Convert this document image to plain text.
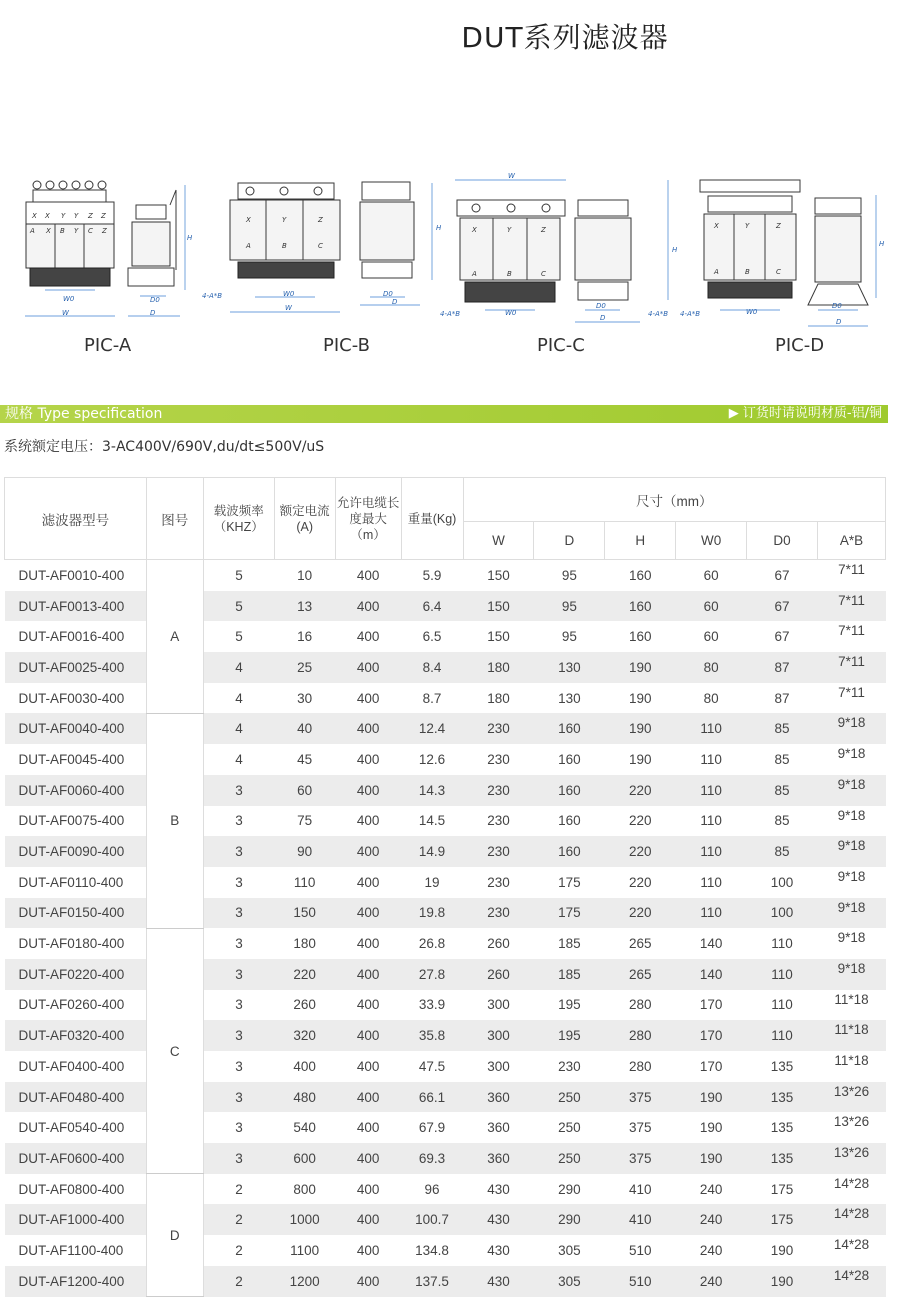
DUT系列滤波器
X X Y Y Z Z
A X B Y C Z
W0
W
H
D0
D
4-A*B
X	Y	Z
A	B	C
W0
W
H
D0
D
4-A*B
X	Y	Z
A	B	C
W
W0
H
D0
D	4-A*B
X	Y	Z
A	B	C
W0
4-A*B
H
D0
D
PIC-A	PIC-B	PIC-C	PIC-D
规格 Type specification	▶ 订货时请说明材质-铝/铜
系统额定电压：3-AC400V/690V,du/dt≤500V/uS
滤波器型号	图号	载波频率（KHZ）	额定电流(A)	允许电缆长度最大（m）	重量(Kg)	尺寸（mm）					
						W	D	H	W0	D0	A*B
DUT-AF0010-400	A	5	10	400	5.9	150	95	160	60	67	7*11
DUT-AF0013-400		5	13	400	6.4	150	95	160	60	67	7*11
DUT-AF0016-400		5	16	400	6.5	150	95	160	60	67	7*11
DUT-AF0025-400		4	25	400	8.4	180	130	190	80	87	7*11
DUT-AF0030-400		4	30	400	8.7	180	130	190	80	87	7*11
DUT-AF0040-400	B	4	40	400	12.4	230	160	190	110	85	9*18
DUT-AF0045-400		4	45	400	12.6	230	160	190	110	85	9*18
DUT-AF0060-400		3	60	400	14.3	230	160	220	110	85	9*18
DUT-AF0075-400		3	75	400	14.5	230	160	220	110	85	9*18
DUT-AF0090-400		3	90	400	14.9	230	160	220	110	85	9*18
DUT-AF0110-400		3	110	400	19	230	175	220	110	100	9*18
DUT-AF0150-400		3	150	400	19.8	230	175	220	110	100	9*18
DUT-AF0180-400	C	3	180	400	26.8	260	185	265	140	110	9*18
DUT-AF0220-400		3	220	400	27.8	260	185	265	140	110	9*18
DUT-AF0260-400		3	260	400	33.9	300	195	280	170	110	11*18
DUT-AF0320-400		3	320	400	35.8	300	195	280	170	110	11*18
DUT-AF0400-400		3	400	400	47.5	300	230	280	170	135	11*18
DUT-AF0480-400		3	480	400	66.1	360	250	375	190	135	13*26
DUT-AF0540-400		3	540	400	67.9	360	250	375	190	135	13*26
DUT-AF0600-400		3	600	400	69.3	360	250	375	190	135	13*26
DUT-AF0800-400	D	2	800	400	96	430	290	410	240	175	14*28
DUT-AF1000-400		2	1000	400	100.7	430	290	410	240	175	14*28
DUT-AF1100-400		2	1100	400	134.8	430	305	510	240	190	14*28
DUT-AF1200-400		2	1200	400	137.5	430	305	510	240	190	14*28
